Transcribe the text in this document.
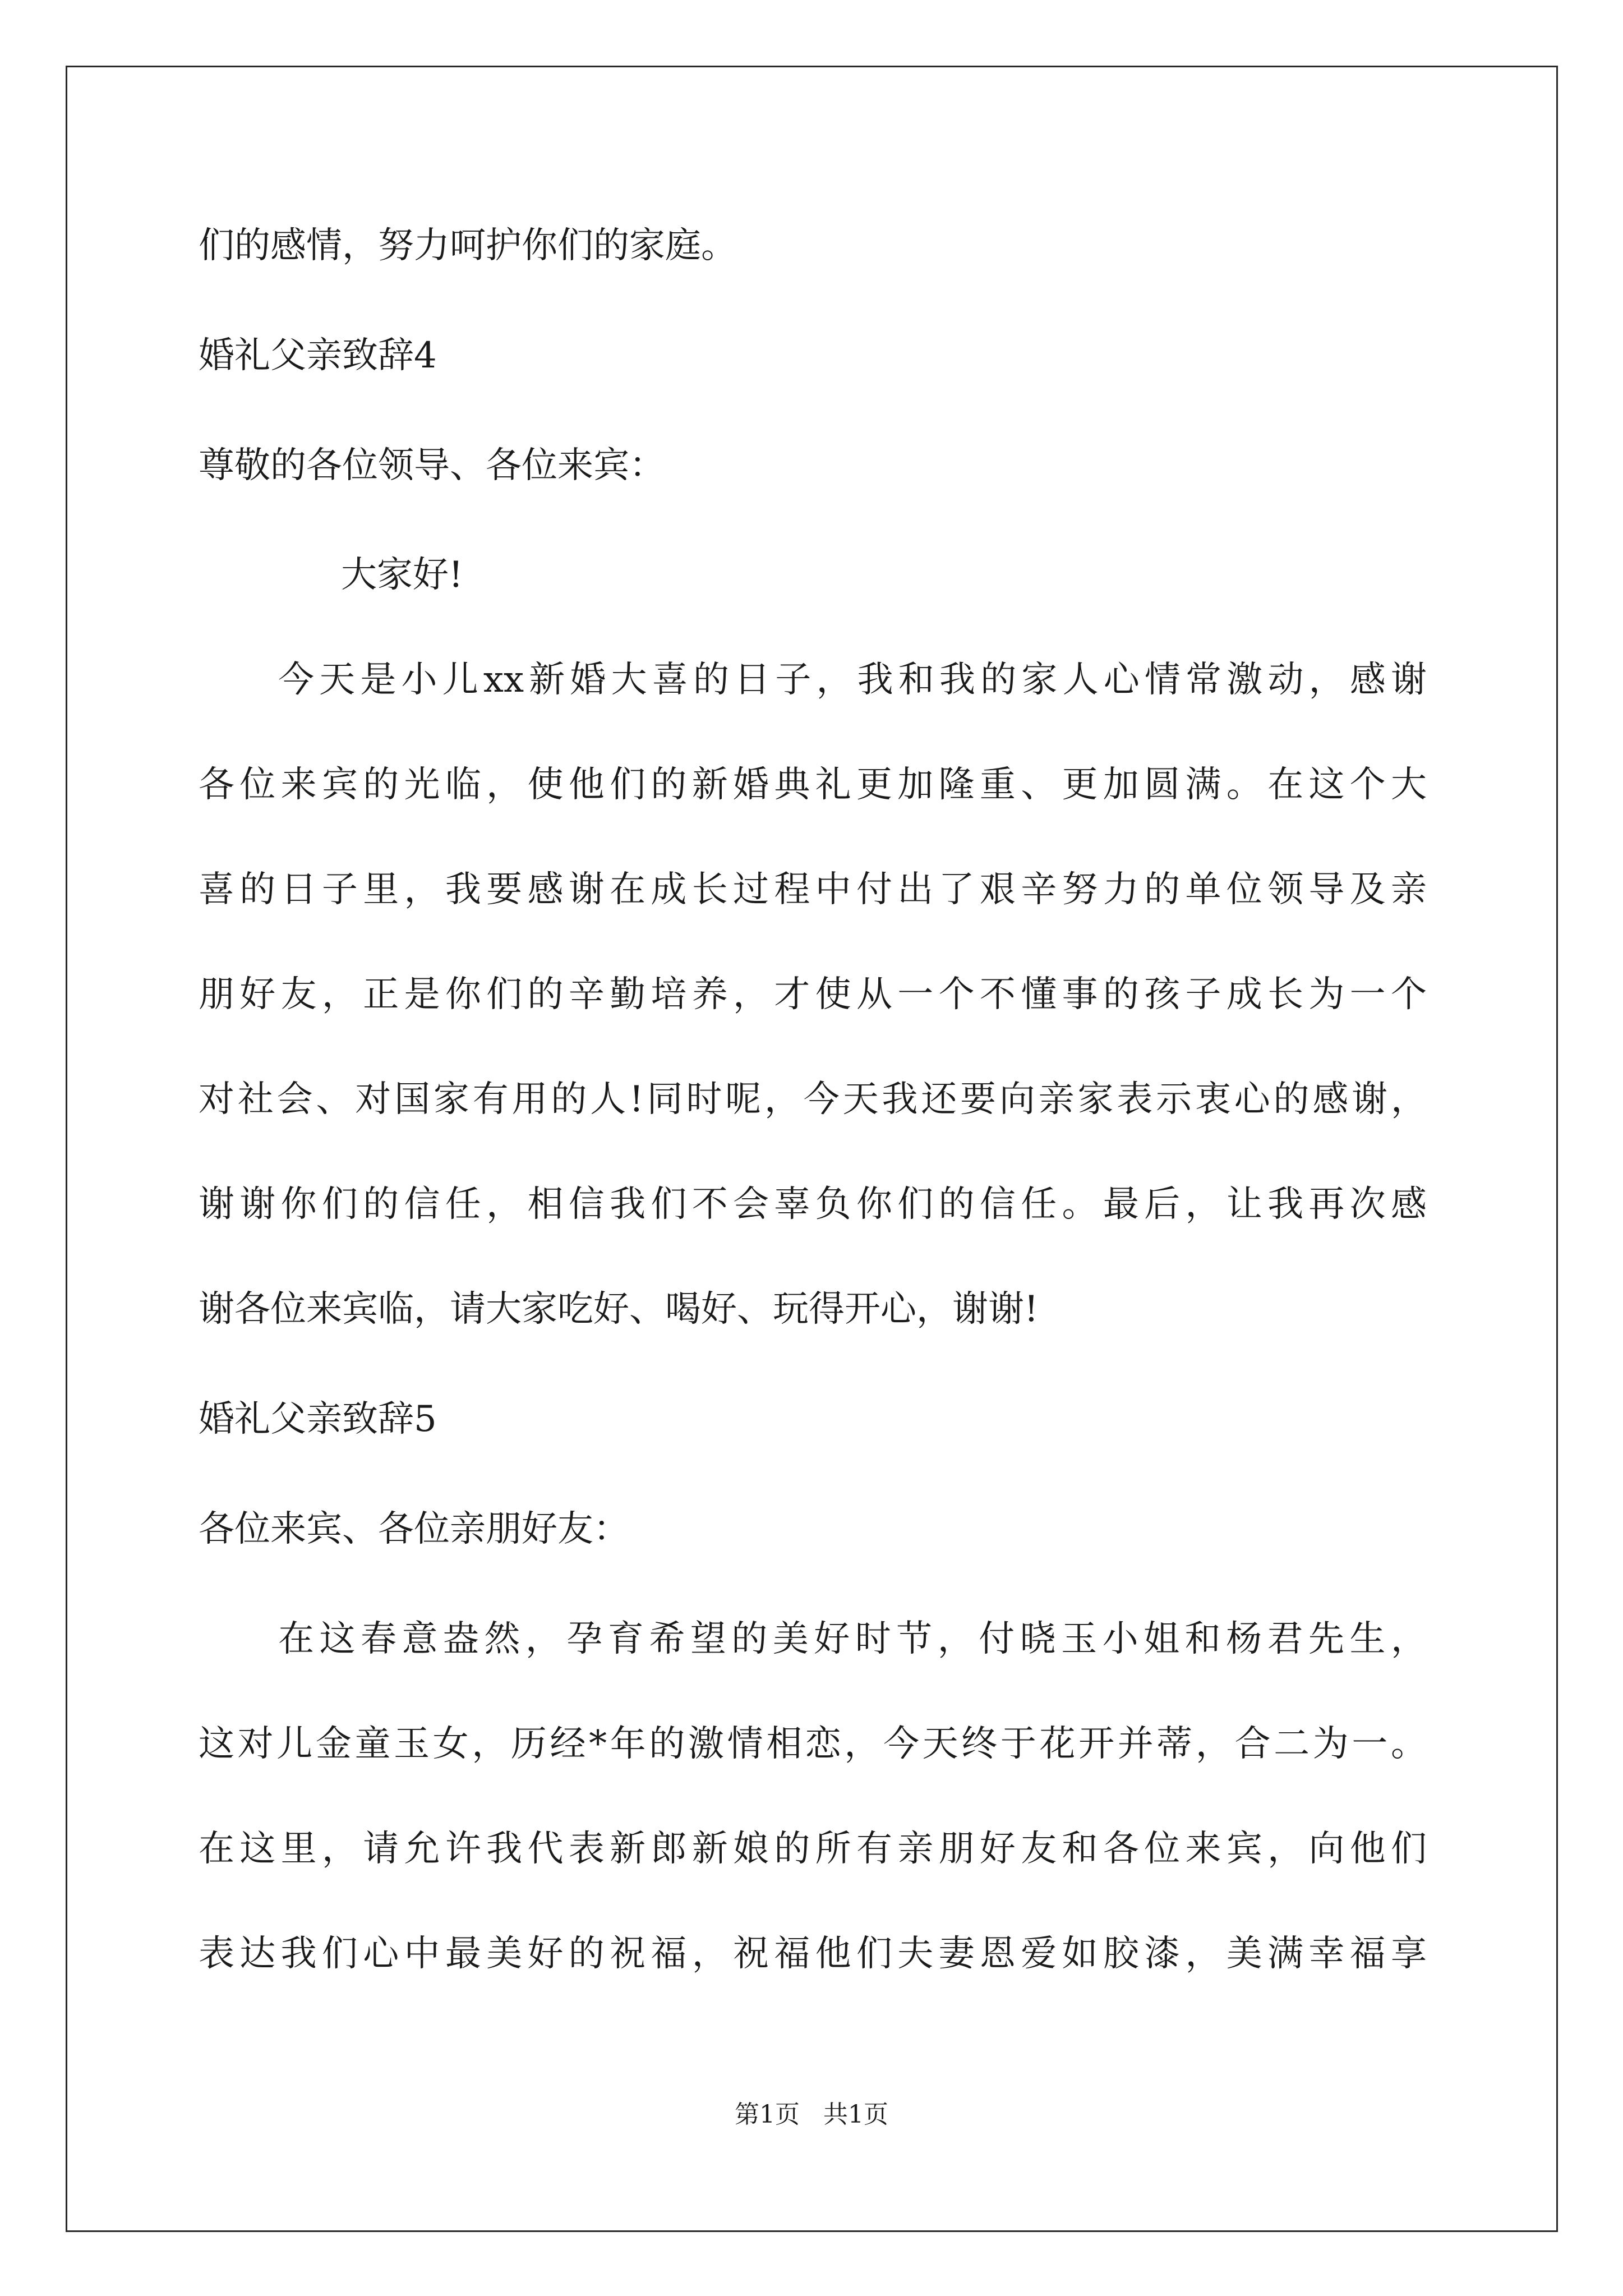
们的感情，努力呵护你们的家庭。
婚礼父亲致辞4
尊敬的各位领导、各位来宾：
大家好!
今天是小儿xx新婚大喜的日子，我和我的家人心情常激动，感谢
各位来宾的光临，使他们的新婚典礼更加隆重、更加圆满。在这个大
喜的日子里，我要感谢在成长过程中付出了艰辛努力的单位领导及亲
朋好友，正是你们的辛勤培养，才使从一个不懂事的孩子成长为一个
对社会、对国家有用的人!同时呢，今天我还要向亲家表示衷心的感谢，
谢谢你们的信任，相信我们不会辜负你们的信任。最后，让我再次感
谢各位来宾临，请大家吃好、喝好、玩得开心，谢谢!
婚礼父亲致辞5
各位来宾、各位亲朋好友：
在这春意盎然，孕育希望的美好时节，付晓玉小姐和杨君先生，
这对儿金童玉女，历经*年的激情相恋，今天终于花开并蒂，合二为一。
在这里，请允许我代表新郎新娘的所有亲朋好友和各位来宾，向他们
表达我们心中最美好的祝福，祝福他们夫妻恩爱如胶漆，美满幸福享
第1页   共1页
